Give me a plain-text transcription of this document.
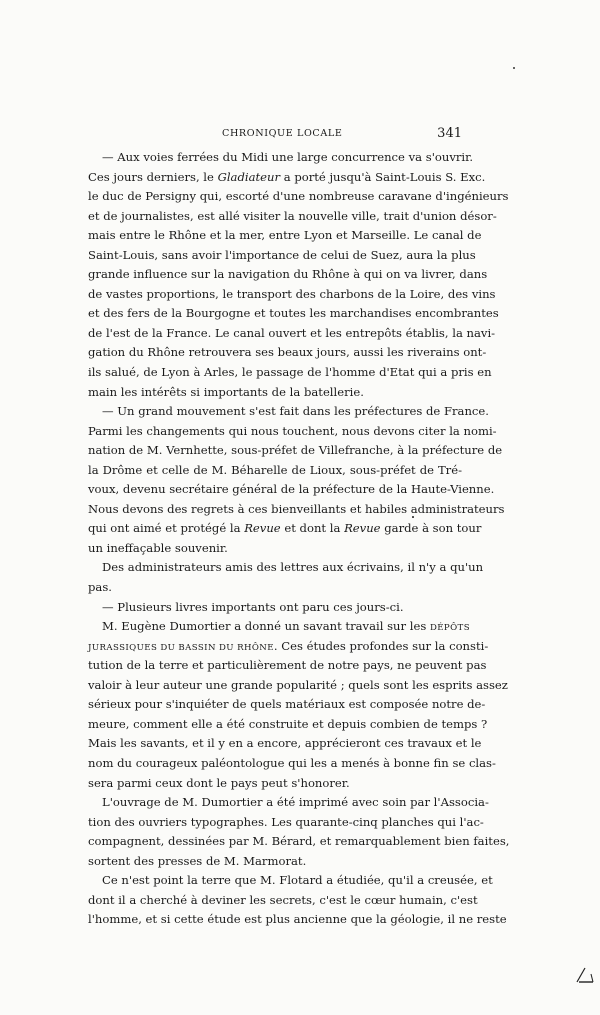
CHRONIQUE LOCALE	341
— Aux voies ferrées du Midi une large concurrence va s'ouvrir.
Ces jours derniers, le Gladiateur a porté jusqu'à Saint-Louis S. Exc.
le duc de Persigny qui, escorté d'une nombreuse caravane d'ingénieurs
et de journalistes, est allé visiter la nouvelle ville, trait d'union désor-
mais entre le Rhône et la mer, entre Lyon et Marseille. Le canal de
Saint-Louis, sans avoir l'importance de celui de Suez, aura la plus
grande influence sur la navigation du Rhône à qui on va livrer, dans
de vastes proportions, le transport des charbons de la Loire, des vins
et des fers de la Bourgogne et toutes les marchandises encombrantes
de l'est de la France. Le canal ouvert et les entrepôts établis, la navi-
gation du Rhône retrouvera ses beaux jours, aussi les riverains ont-
ils salué, de Lyon à Arles, le passage de l'homme d'Etat qui a pris en
main les intérêts si importants de la batellerie.
— Un grand mouvement s'est fait dans les préfectures de France.
Parmi les changements qui nous touchent, nous devons citer la nomi-
nation de M. Vernhette, sous-préfet de Villefranche, à la préfecture de
la Drôme et celle de M. Béharelle de Lioux, sous-préfet de Tré-
voux, devenu secrétaire général de la préfecture de la Haute-Vienne.
Nous devons des regrets à ces bienveillants et habiles administrateurs
qui ont aimé et protégé la Revue et dont la Revue garde à son tour
un ineffaçable souvenir.
Des administrateurs amis des lettres aux écrivains, il n'y a qu'un
pas.
— Plusieurs livres importants ont paru ces jours-ci.
M. Eugène Dumortier a donné un savant travail sur les DÉPÔTS
JURASSIQUES DU BASSIN DU RHÔNE. Ces études profondes sur la consti-
tution de la terre et particulièrement de notre pays, ne peuvent pas
valoir à leur auteur une grande popularité ; quels sont les esprits assez
sérieux pour s'inquiéter de quels matériaux est composée notre de-
meure, comment elle a été construite et depuis combien de temps ?
Mais les savants, et il y en a encore, apprécieront ces travaux et le
nom du courageux paléontologue qui les a menés à bonne fin se clas-
sera parmi ceux dont le pays peut s'honorer.
L'ouvrage de M. Dumortier a été imprimé avec soin par l'Associa-
tion des ouvriers typographes. Les quarante-cinq planches qui l'ac-
compagnent, dessinées par M. Bérard, et remarquablement bien faites,
sortent des presses de M. Marmorat.
Ce n'est point la terre que M. Flotard a étudiée, qu'il a creusée, et
dont il a cherché à deviner les secrets, c'est le cœur humain, c'est
l'homme, et si cette étude est plus ancienne que la géologie, il ne reste
